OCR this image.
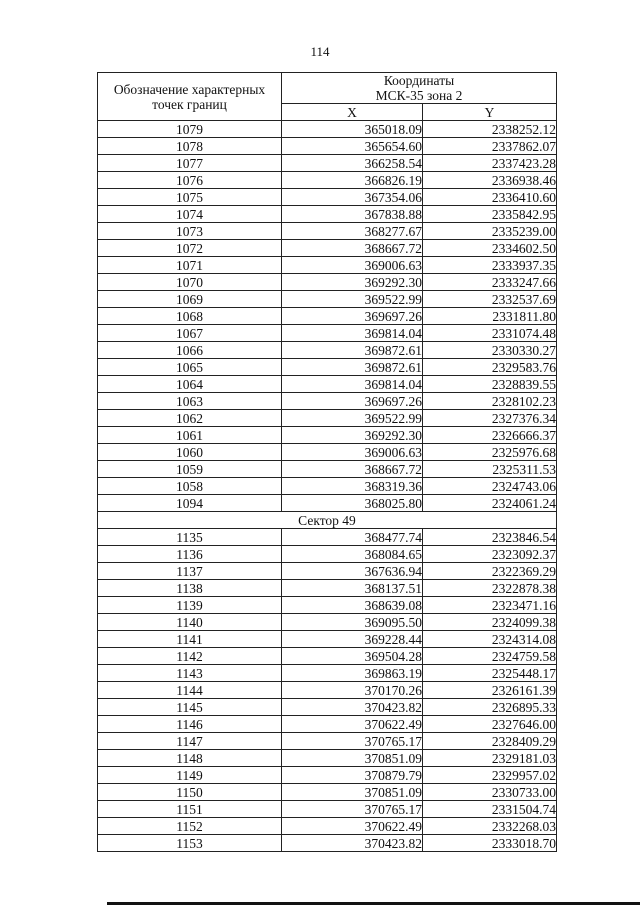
114
Обозначение характерных точек границ	Координаты
МСК-35 зона 2	

	X	Y
1079	365018.09	2338252.12
1078	365654.60	2337862.07
1077	366258.54	2337423.28
1076	366826.19	2336938.46
1075	367354.06	2336410.60
1074	367838.88	2335842.95
1073	368277.67	2335239.00
1072	368667.72	2334602.50
1071	369006.63	2333937.35
1070	369292.30	2333247.66
1069	369522.99	2332537.69
1068	369697.26	2331811.80
1067	369814.04	2331074.48
1066	369872.61	2330330.27
1065	369872.61	2329583.76
1064	369814.04	2328839.55
1063	369697.26	2328102.23
1062	369522.99	2327376.34
1061	369292.30	2326666.37
1060	369006.63	2325976.68
1059	368667.72	2325311.53
1058	368319.36	2324743.06
1094	368025.80	2324061.24
Сектор 49		
1135	368477.74	2323846.54
1136	368084.65	2323092.37
1137	367636.94	2322369.29
1138	368137.51	2322878.38
1139	368639.08	2323471.16
1140	369095.50	2324099.38
1141	369228.44	2324314.08
1142	369504.28	2324759.58
1143	369863.19	2325448.17
1144	370170.26	2326161.39
1145	370423.82	2326895.33
1146	370622.49	2327646.00
1147	370765.17	2328409.29
1148	370851.09	2329181.03
1149	370879.79	2329957.02
1150	370851.09	2330733.00
1151	370765.17	2331504.74
1152	370622.49	2332268.03
1153	370423.82	2333018.70
